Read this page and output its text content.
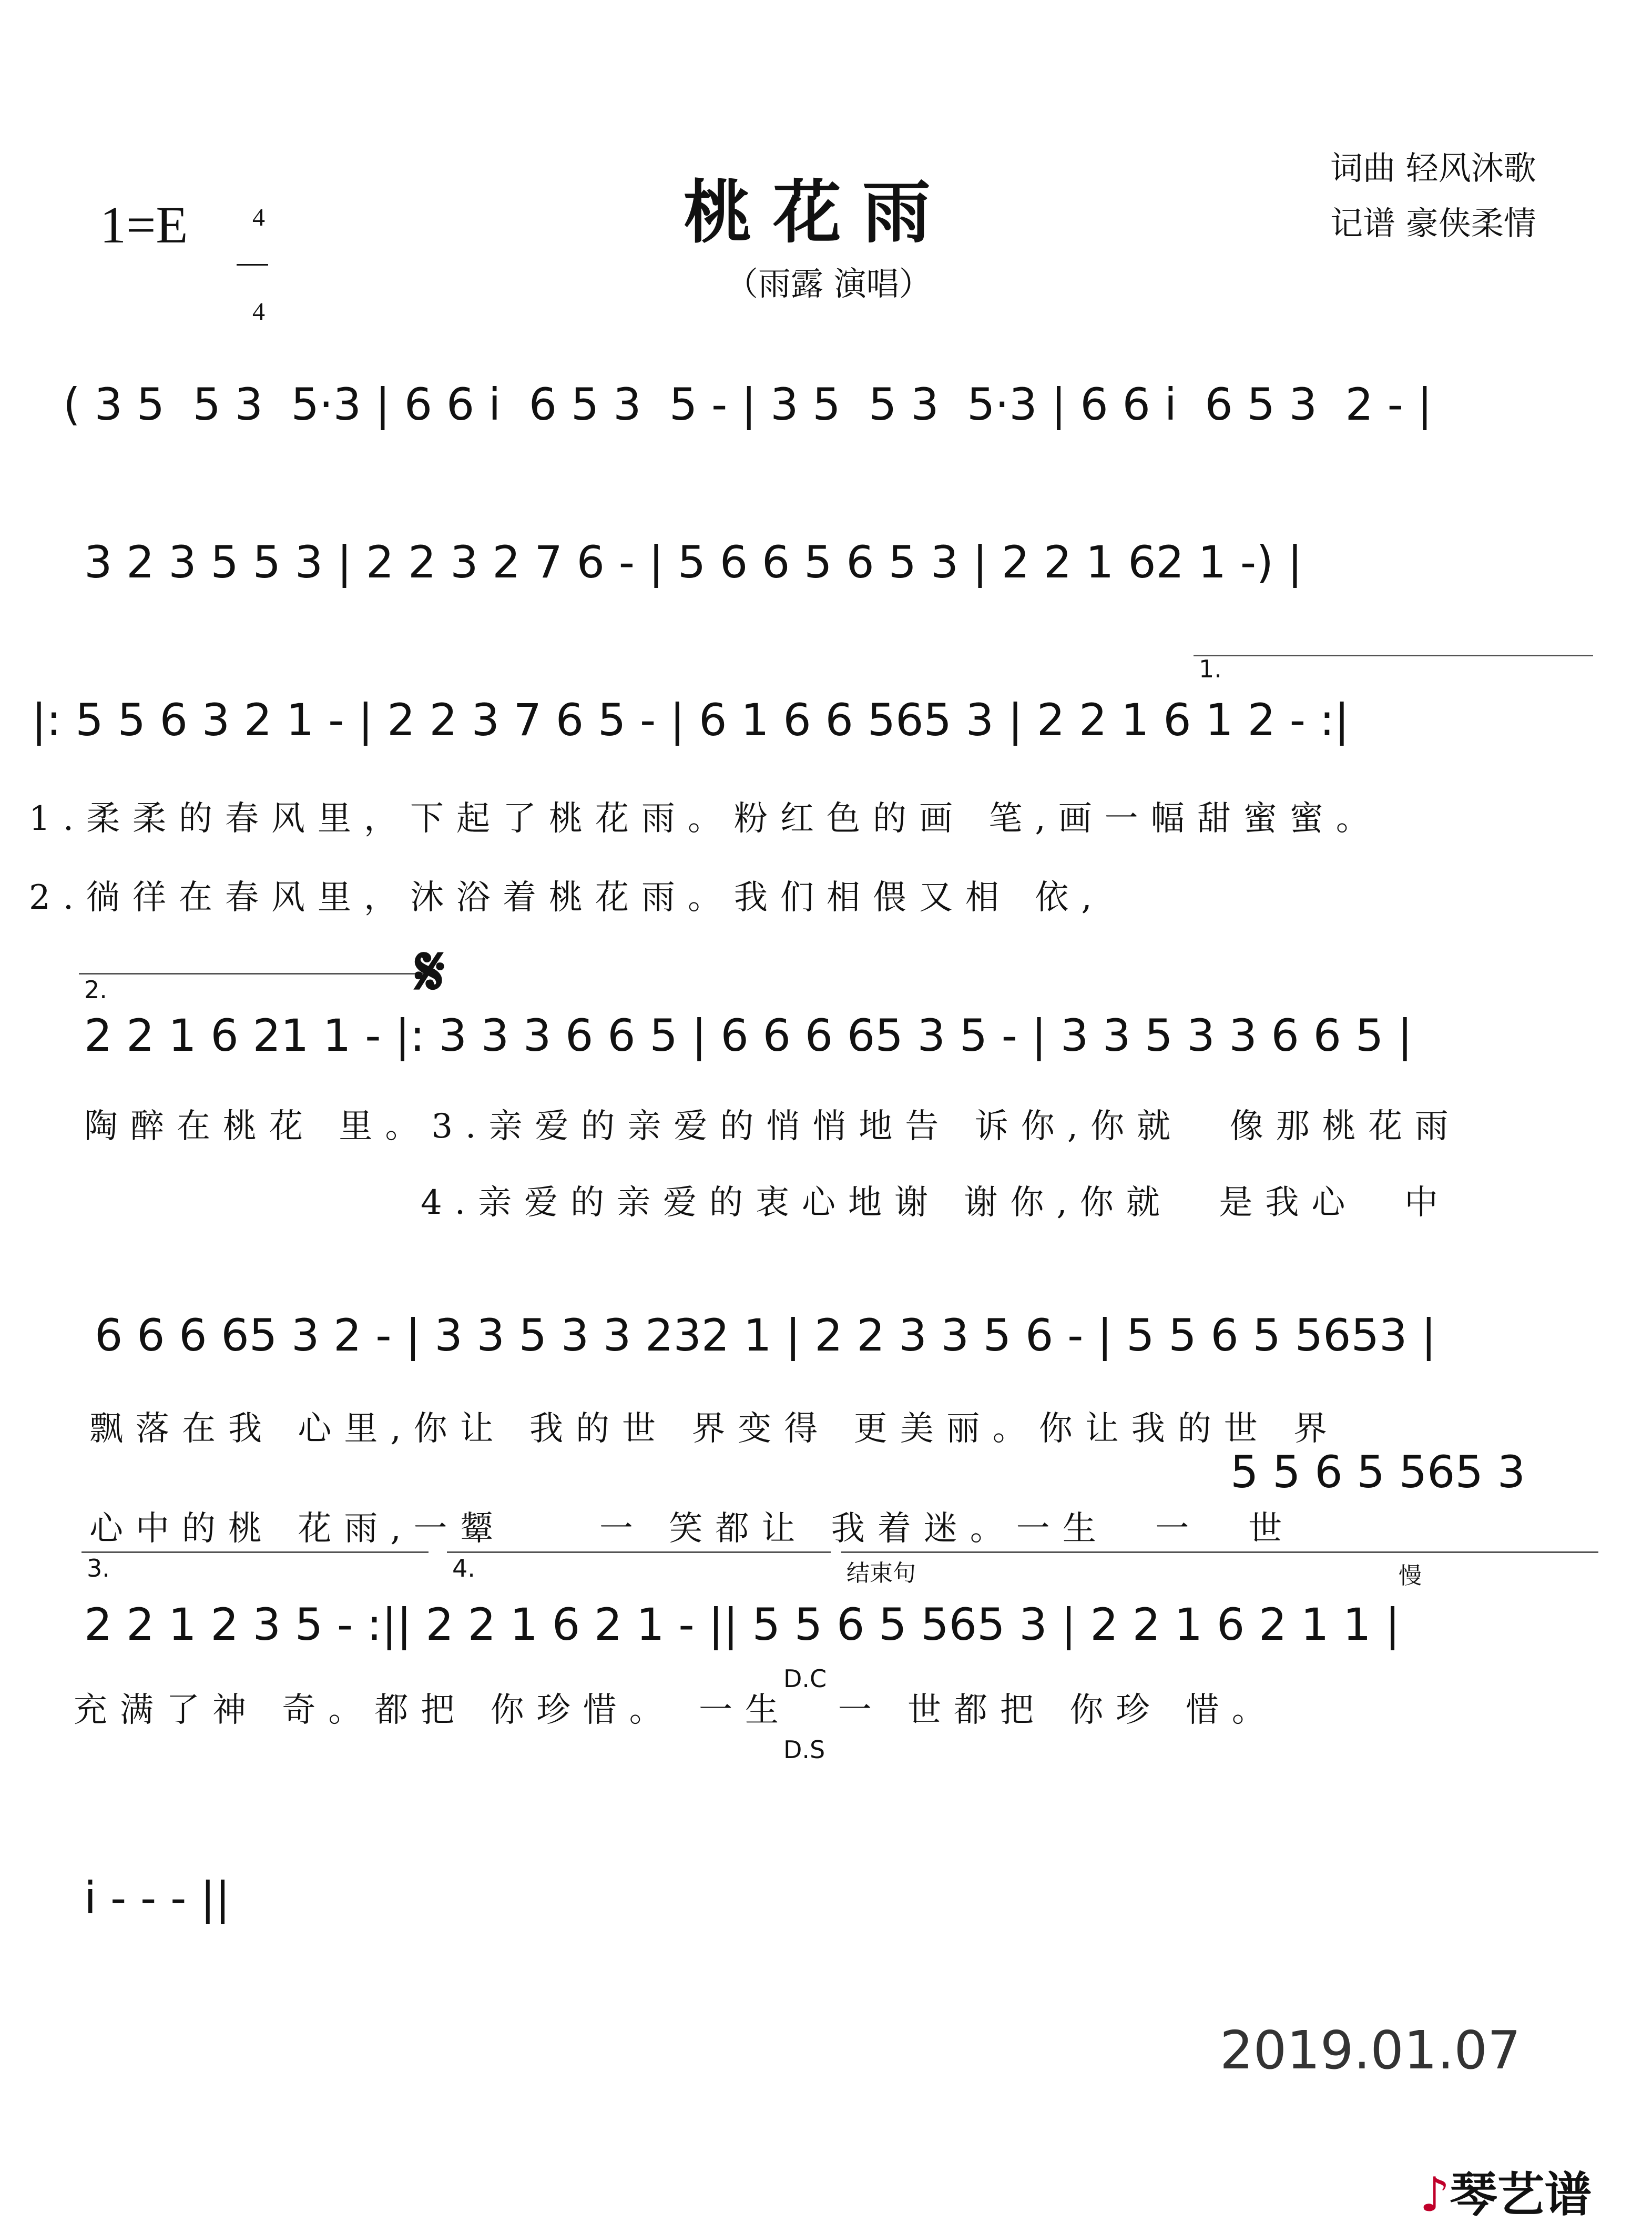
1=E	4

4

桃花雨
（雨露 演唱）
词曲 轻风沐歌
记谱 豪侠柔情
( 3 5  5 3  5·3 | 6 6 i  6 5 3  5 - | 3 5  5 3  5·3 | 6 6 i  6 5 3  2 - |
3 2 3 5 5 3 | 2 2 3 2 7 6 - | 5 6 6 5 6 5 3 | 2 2 1 62 1 -) |
1.
|: 5 5 6 3 2 1 - | 2 2 3 7 6 5 - | 6 1 6 6 565 3 | 2 2 1 6 1 2 - :|
1.柔柔的春风里，下起了桃花雨。粉红色的画 笔,画一幅甜蜜蜜。
2.徜徉在春风里，沐浴着桃花雨。我们相偎又相 依,
2.	𝄋
2 2 1 6 21 1 - |: 3 3 3 6 6 5 | 6 6 6 65 3 5 - | 3 3 5 3 3 6 6 5 |
陶醉在桃花 里。3.亲爱的亲爱的悄悄地告 诉你,你就  像那桃花雨
4.亲爱的亲爱的衷心地谢 谢你,你就  是我心  中
6 6 6 65 3 2 - | 3 3 5 3 3 232 1 | 2 2 3 3 5 6 - | 5 5 6 5 5653 |
飘落在我 心里,你让 我的世 界变得 更美丽。你让我的世 界
5 5 6 5 565 3
心中的桃 花雨,一颦    一 笑都让 我着迷。一生  一  世
3.	4.	结束句	慢
2 2 1 2 3 5 - :|| 2 2 1 6 2 1 - || 5 5 6 5 565 3 | 2 2 1 6 2 1 1 |
充满了神 奇。都把 你珍惜。 一生  一 世都把 你珍 惜。
D.C
D.S
i - - - ||
2019.01.07
♪琴艺谱
